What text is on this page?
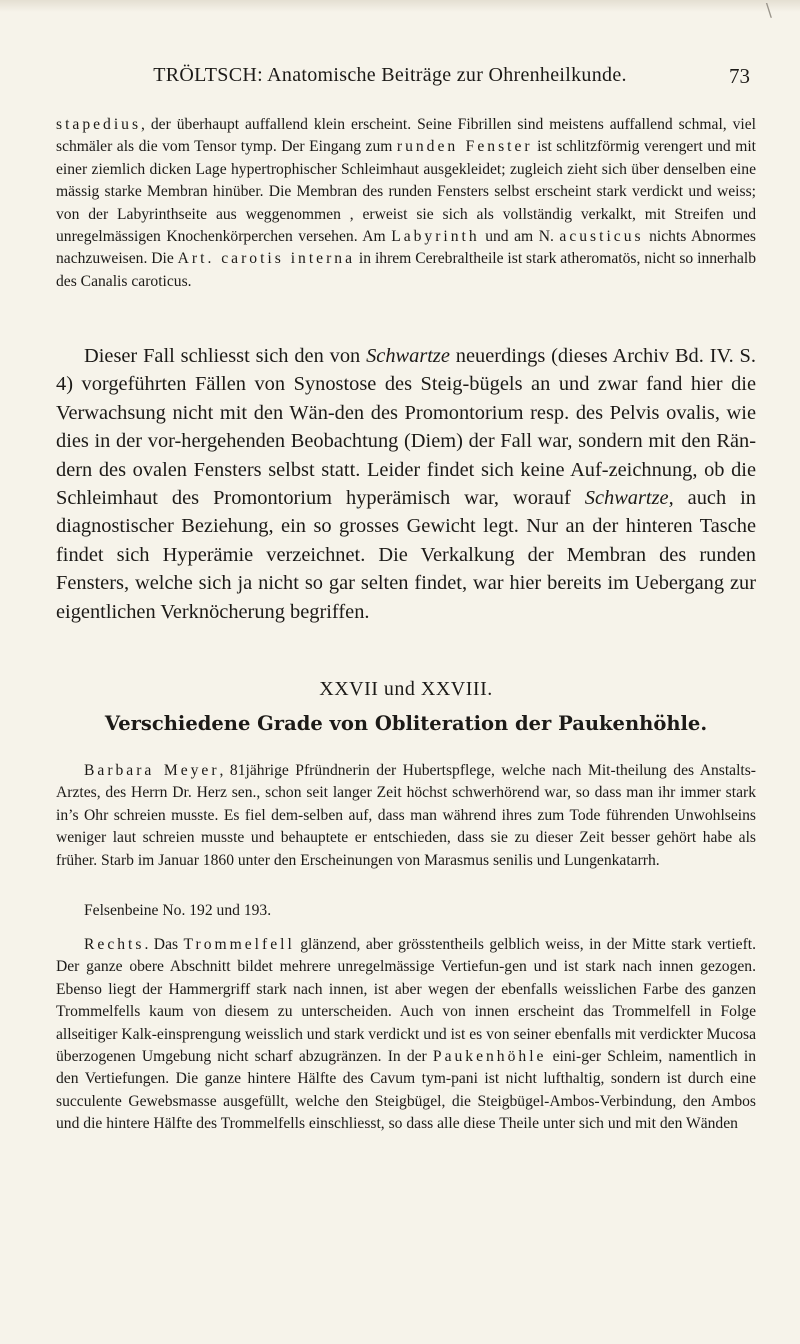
\
TRÖLTSCH: Anatomische Beiträge zur Ohrenheilkunde.	73

stapedius, der überhaupt auffallend klein erscheint. Seine Fibrillen sind meistens auffallend schmal, viel schmäler als die vom Tensor tymp. Der Eingang zum runden Fenster ist schlitzförmig verengert und mit einer ziemlich dicken Lage hypertrophischer Schleimhaut ausgekleidet; zugleich zieht sich über denselben eine mässig starke Membran hinüber. Die Membran des runden Fensters selbst erscheint stark verdickt und weiss; von der Labyrinthseite aus weggenommen , erweist sie sich als vollständig verkalkt, mit Streifen und unregelmässigen Knochenkörperchen versehen. Am Labyrinth und am N. acusticus nichts Abnormes nachzuweisen. Die Art. carotis interna in ihrem Cerebraltheile ist stark atheromatös, nicht so innerhalb des Canalis caroticus.

Dieser Fall schliesst sich den von Schwartze neuerdings (dieses Archiv Bd. IV. S. 4) vorgeführten Fällen von Synostose des Steig-bügels an und zwar fand hier die Verwachsung nicht mit den Wän-den des Promontorium resp. des Pelvis ovalis, wie dies in der vor-hergehenden Beobachtung (Diem) der Fall war, sondern mit den Rän-dern des ovalen Fensters selbst statt. Leider findet sich keine Auf-zeichnung, ob die Schleimhaut des Promontorium hyperämisch war, worauf Schwartze, auch in diagnostischer Beziehung, ein so grosses Gewicht legt. Nur an der hinteren Tasche findet sich Hyperämie verzeichnet. Die Verkalkung der Membran des runden Fensters, welche sich ja nicht so gar selten findet, war hier bereits im Uebergang zur eigentlichen Verknöcherung begriffen.

XXVII und XXVIII.
Verschiedene Grade von Obliteration der Paukenhöhle.

Barbara Meyer, 81jährige Pfründnerin der Hubertspflege, welche nach Mit-theilung des Anstalts-Arztes, des Herrn Dr. Herz sen., schon seit langer Zeit höchst schwerhörend war, so dass man ihr immer stark in’s Ohr schreien musste. Es fiel dem-selben auf, dass man während ihres zum Tode führenden Unwohlseins weniger laut schreien musste und behauptete er entschieden, dass sie zu dieser Zeit besser gehört habe als früher. Starb im Januar 1860 unter den Erscheinungen von Marasmus senilis und Lungenkatarrh.

Felsenbeine No. 192 und 193.

Rechts. Das Trommelfell glänzend, aber grösstentheils gelblich weiss, in der Mitte stark vertieft. Der ganze obere Abschnitt bildet mehrere unregelmässige Vertiefun-gen und ist stark nach innen gezogen. Ebenso liegt der Hammergriff stark nach innen, ist aber wegen der ebenfalls weisslichen Farbe des ganzen Trommelfells kaum von diesem zu unterscheiden. Auch von innen erscheint das Trommelfell in Folge allseitiger Kalk-einsprengung weisslich und stark verdickt und ist es von seiner ebenfalls mit verdickter Mucosa überzogenen Umgebung nicht scharf abzugränzen. In der Paukenhöhle eini-ger Schleim, namentlich in den Vertiefungen. Die ganze hintere Hälfte des Cavum tym-pani ist nicht lufthaltig, sondern ist durch eine succulente Gewebsmasse ausgefüllt, welche den Steigbügel, die Steigbügel-Ambos-Verbindung, den Ambos und die hintere Hälfte des Trommelfells einschliesst, so dass alle diese Theile unter sich und mit den Wänden
